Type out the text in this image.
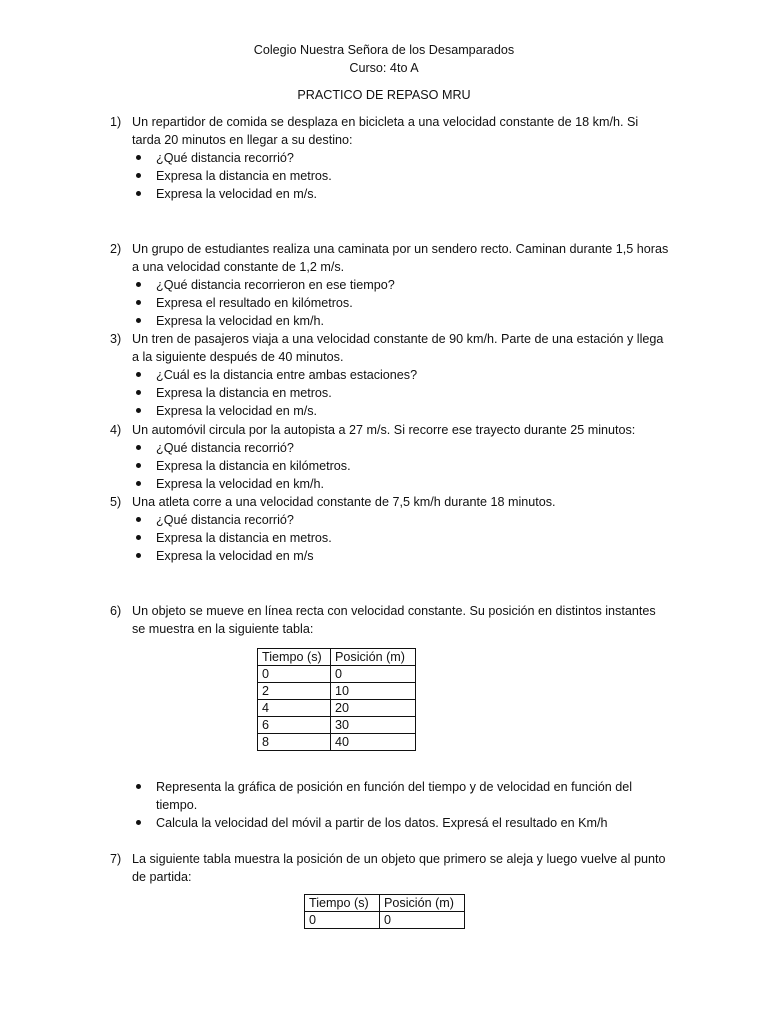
Colegio Nuestra Señora de los Desamparados
Curso: 4to A
PRACTICO DE REPASO MRU
1) Un repartidor de comida se desplaza en bicicleta a una velocidad constante de 18 km/h. Si tarda 20 minutos en llegar a su destino:
¿Qué distancia recorrió?
Expresa la distancia en metros.
Expresa la velocidad en m/s.
2) Un grupo de estudiantes realiza una caminata por un sendero recto. Caminan durante 1,5 horas a una velocidad constante de 1,2 m/s.
¿Qué distancia recorrieron en ese tiempo?
Expresa el resultado en kilómetros.
Expresa la velocidad en km/h.
3) Un tren de pasajeros viaja a una velocidad constante de 90 km/h. Parte de una estación y llega a la siguiente después de 40 minutos.
¿Cuál es la distancia entre ambas estaciones?
Expresa la distancia en metros.
Expresa la velocidad en m/s.
4) Un automóvil circula por la autopista a 27 m/s. Si recorre ese trayecto durante 25 minutos:
¿Qué distancia recorrió?
Expresa la distancia en kilómetros.
Expresa la velocidad en km/h.
5) Una atleta corre a una velocidad constante de 7,5 km/h durante 18 minutos.
¿Qué distancia recorrió?
Expresa la distancia en metros.
Expresa la velocidad en m/s
6) Un objeto se mueve en línea recta con velocidad constante. Su posición en distintos instantes se muestra en la siguiente tabla:
Tiempo (s)	Posición (m)
0	0
2	10
4	20
6	30
8	40
Representa la gráfica de posición en función del tiempo y de velocidad en función del tiempo.
Calcula la velocidad del móvil a partir de los datos. Expresá el resultado en Km/h
7) La siguiente tabla muestra la posición de un objeto que primero se aleja y luego vuelve al punto de partida:
Tiempo (s)	Posición (m)
0	0
